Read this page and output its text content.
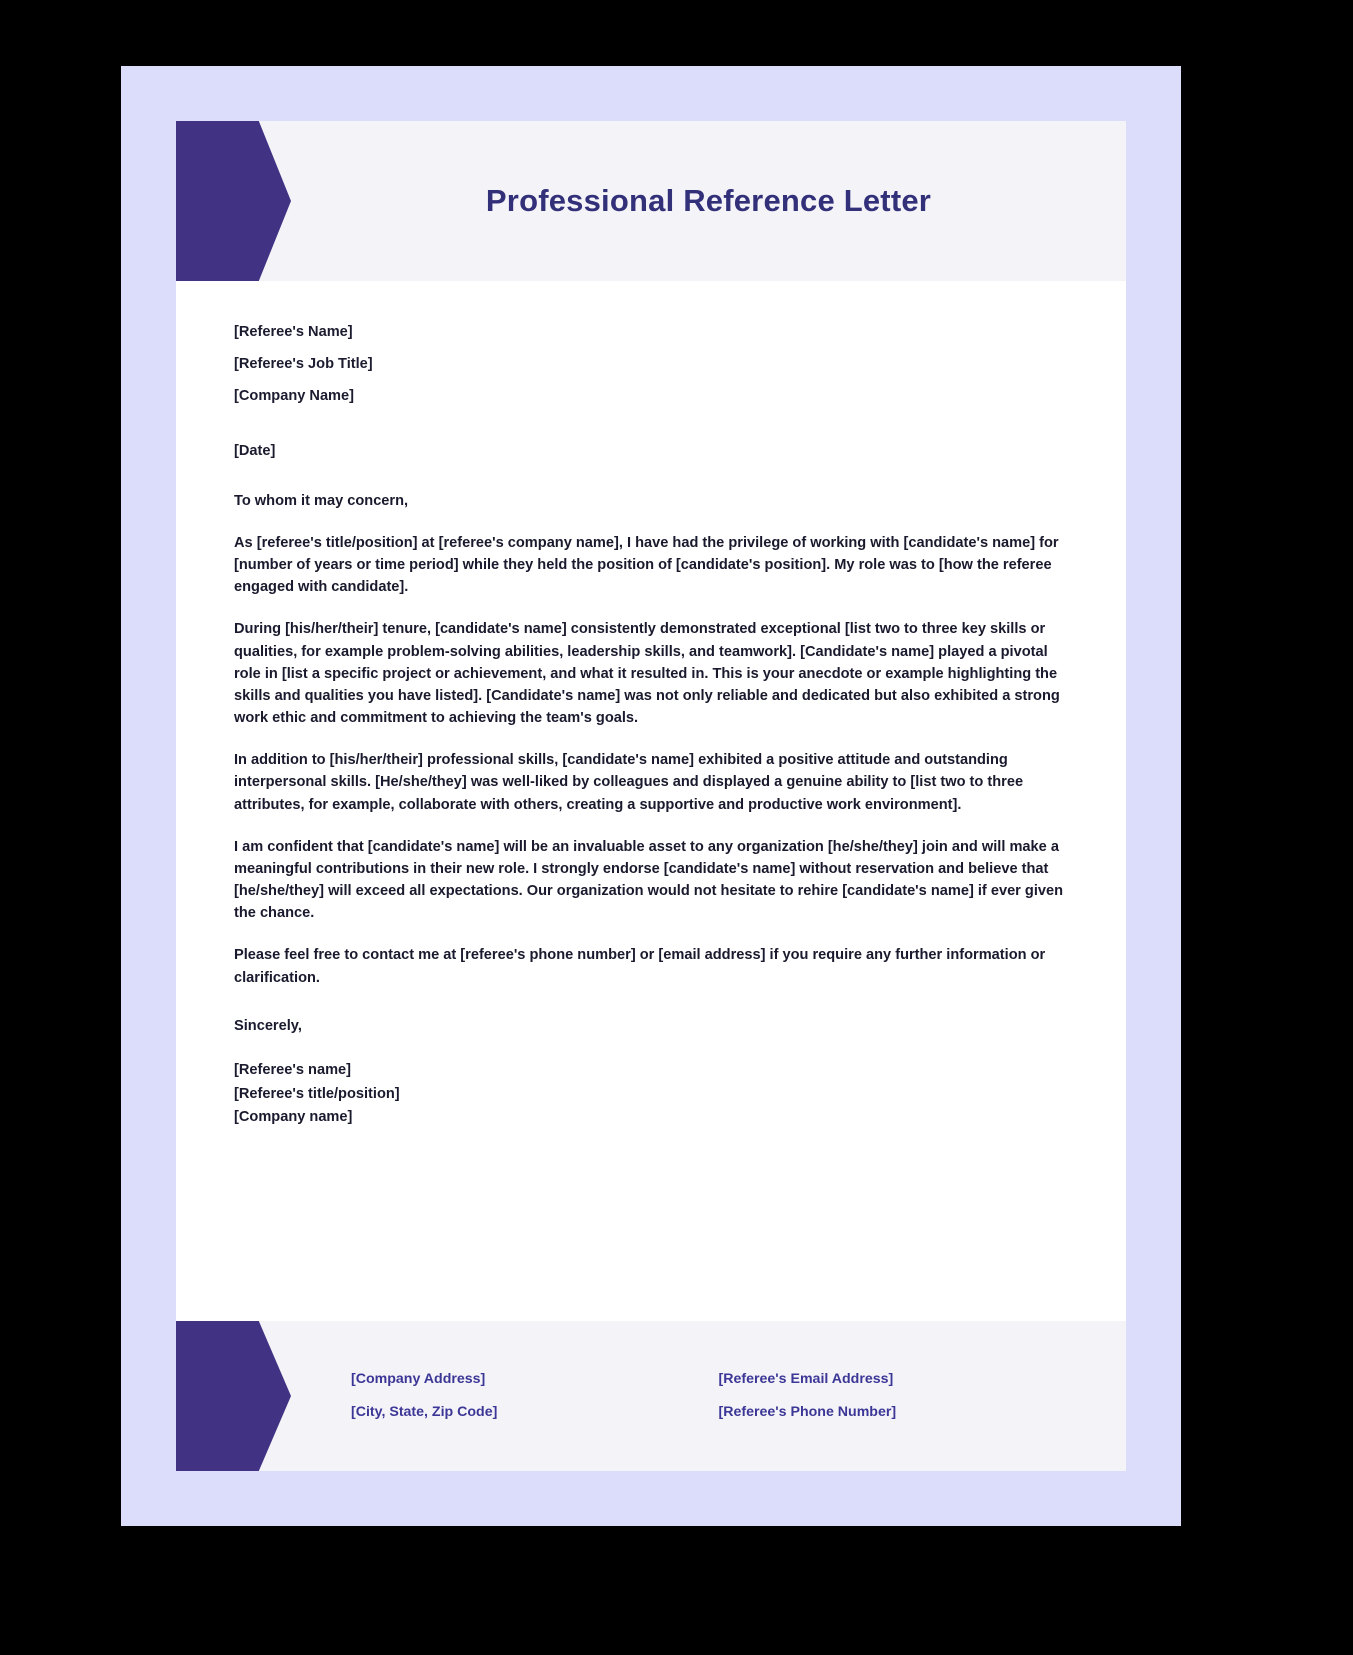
Professional Reference Letter

[Referee's Name]

[Referee's Job Title]

[Company Name]

[Date]

To whom it may concern,

As [referee's title/position] at [referee's company name], I have had the privilege of working with [candidate's name] for [number of years or time period] while they held the position of [candidate's position]. My role was to [how the referee engaged with candidate].

During [his/her/their] tenure, [candidate's name] consistently demonstrated exceptional [list two to three key skills or qualities, for example problem-solving abilities, leadership skills, and teamwork]. [Candidate's name] played a pivotal role in [list a specific project or achievement, and what it resulted in. This is your anecdote or example highlighting the skills and qualities you have listed]. [Candidate's name] was not only reliable and dedicated but also exhibited a strong work ethic and commitment to achieving the team's goals.

In addition to [his/her/their] professional skills, [candidate's name] exhibited a positive attitude and outstanding interpersonal skills. [He/she/they] was well-liked by colleagues and displayed a genuine ability to [list two to three attributes, for example, collaborate with others, creating a supportive and productive work environment].

I am confident that [candidate's name] will be an invaluable asset to any organization [he/she/they] join and will make a meaningful contributions in their new role. I strongly endorse [candidate's name] without reservation and believe that [he/she/they] will exceed all expectations. Our organization would not hesitate to rehire [candidate's name] if ever given the chance.

Please feel free to contact me at [referee's phone number] or [email address] if you require any further information or clarification.

Sincerely,

[Referee's name]
[Referee's title/position]
[Company name]
[Company Address]
[City, State, Zip Code]
[Referee's Email Address]
[Referee's Phone Number]
